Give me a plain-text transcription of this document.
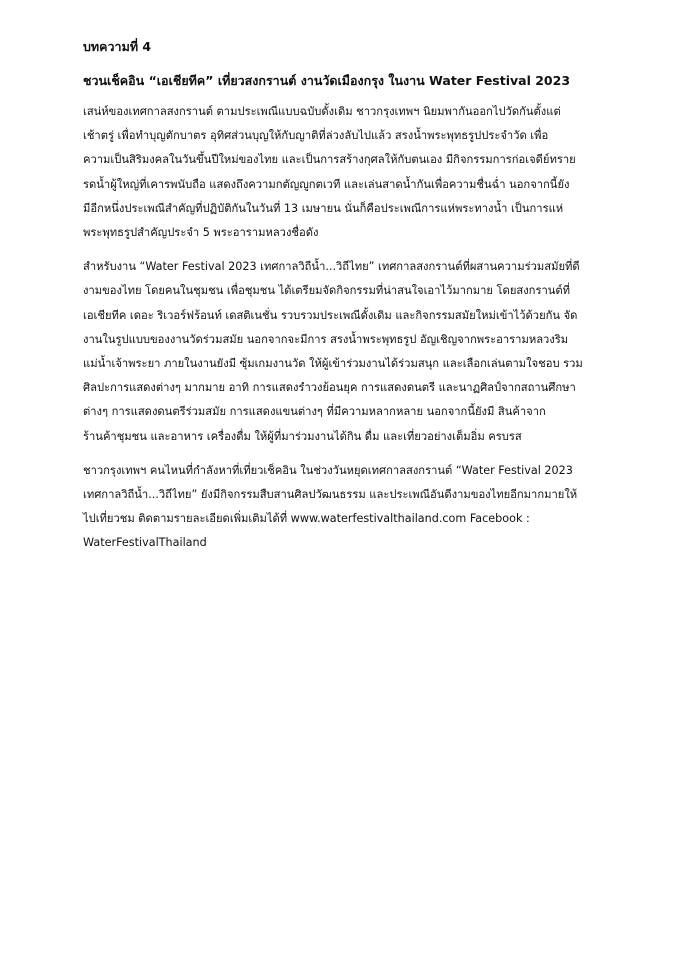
บทความที่ 4
ชวนเช็คอิน “เอเชียทีค” เที่ยวสงกรานต์ งานวัดเมืองกรุง ในงาน Water Festival 2023
เสน่ห์ของเทศกาลสงกรานต์ ตามประเพณีแบบฉบับดั้งเดิม ชาวกรุงเทพฯ นิยมพากันออกไปวัดกันตั้งแต่
เช้าตรู่ เพื่อทำบุญตักบาตร อุทิศส่วนบุญให้กับญาติที่ล่วงลับไปแล้ว สรงน้ำพระพุทธรูปประจำวัด เพื่อ
ความเป็นสิริมงคลในวันขึ้นปีใหม่ของไทย และเป็นการสร้างกุศลให้กับตนเอง มีกิจกรรมการก่อเจดีย์ทราย
รดน้ำผู้ใหญ่ที่เคารพนับถือ แสดงถึงความกตัญญูกตเวที และเล่นสาดน้ำกันเพื่อความชื่นฉ่ำ นอกจากนี้ยัง
มีอีกหนึ่งประเพณีสำคัญที่ปฏิบัติกันในวันที่ 13 เมษายน นั่นก็คือประเพณีการแห่พระทางน้ำ เป็นการแห่
พระพุทธรูปสำคัญประจำ 5 พระอารามหลวงชื่อดัง
สำหรับงาน “Water Festival 2023 เทศกาลวิถีน้ำ...วิถีไทย” เทศกาลสงกรานต์ที่ผสานความร่วมสมัยที่ดี
งามของไทย โดยคนในชุมชน เพื่อชุมชน ได้เตรียมจัดกิจกรรมที่น่าสนใจเอาไว้มากมาย โดยสงกรานต์ที่
เอเชียทีค เดอะ ริเวอร์ฟร้อนท์ เดสติเนชั่น รวบรวมประเพณีดั้งเดิม และกิจกรรมสมัยใหม่เข้าไว้ด้วยกัน จัด
งานในรูปแบบของงานวัดร่วมสมัย นอกจากจะมีการ สรงน้ำพระพุทธรูป อัญเชิญจากพระอารามหลวงริม
แม่น้ำเจ้าพระยา ภายในงานยังมี ซุ้มเกมงานวัด ให้ผู้เข้าร่วมงานได้ร่วมสนุก และเลือกเล่นตามใจชอบ รวม
ศิลปะการแสดงต่างๆ มากมาย อาทิ การแสดงรำวงย้อนยุค การแสดงดนตรี และนาฏศิลป์จากสถานศึกษา
ต่างๆ การแสดงดนตรีร่วมสมัย การแสดงแขนต่างๆ ที่มีความหลากหลาย นอกจากนี้ยังมี สินค้าจาก
ร้านค้าชุมชน และอาหาร เครื่องดื่ม ให้ผู้ที่มาร่วมงานได้กิน ดื่ม และเที่ยวอย่างเต็มอิ่ม ครบรส
ชาวกรุงเทพฯ คนไหนที่กำลังหาที่เที่ยวเช็คอิน ในช่วงวันหยุดเทศกาลสงกรานต์ “Water Festival 2023
เทศกาลวิถีน้ำ...วิถีไทย” ยังมีกิจกรรมสืบสานศิลปวัฒนธรรม และประเพณีอันดีงามของไทยอีกมากมายให้
ไปเที่ยวชม ติดตามรายละเอียดเพิ่มเติมได้ที่ www.waterfestivalthailand.com Facebook :
WaterFestivalThailand
